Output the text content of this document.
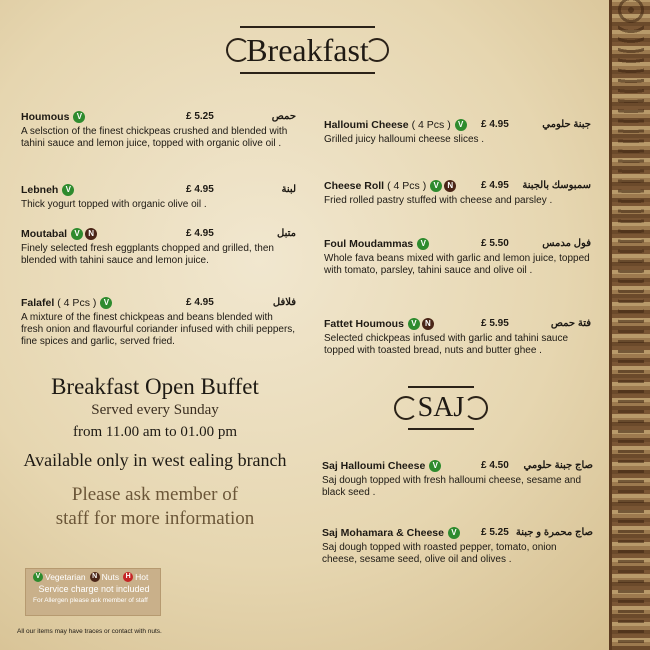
Breakfast
Houmous V	£ 5.25	حمص
A selsction of the finest chickpeas crushed and blended with tahini sauce and lemon juice, topped with organic olive oil .
Lebneh V	£ 4.95	لبنة
Thick yogurt topped with organic olive oil .
Moutabal V	N	£ 4.95	متبل
Finely selected fresh eggplants chopped and grilled, then blended with tahini sauce and lemon juice.
Falafel ( 4 Pcs ) V	£ 4.95	فلافل
A mixture of the finest chickpeas and beans blended with fresh onion and flavourful coriander infused with chili peppers, fine spices and garlic, served fried.
Halloumi Cheese ( 4 Pcs ) V	£ 4.95	جبنة حلومي
Grilled juicy halloumi cheese slices .
Cheese Roll ( 4 Pcs ) V	N	£ 4.95 سمبوسك بالجبنة
Fried rolled pastry stuffed with cheese and parsley .
Foul Moudammas V	£ 5.50	فول مدمس
Whole fava beans mixed with garlic and lemon juice, topped with tomato, parsley, tahini sauce and olive oil .
Fattet Houmous V	N	£ 5.95	فتة حمص
Selected chickpeas infused with garlic and tahini sauce topped with toasted bread, nuts and butter ghee .
SAJ
Saj Halloumi Cheese V	£ 4.50 صاج جبنة حلومي
Saj dough topped with fresh halloumi cheese, sesame and black seed .
Saj Mohamara & Cheese V	£ 5.25 صاج محمرة و جبنة
Saj dough topped with roasted pepper, tomato, onion cheese, sesame seed, olive oil and olives .
Breakfast Open Buffet
Served every Sunday
from 11.00 am to 01.00 pm
Available only in west ealing branch
Please ask member of
staff for more information
V Vegetarian N Nuts H Hot
Service charge not included
For Allergen please ask member of staff
All our items may have traces or contact with nuts.
